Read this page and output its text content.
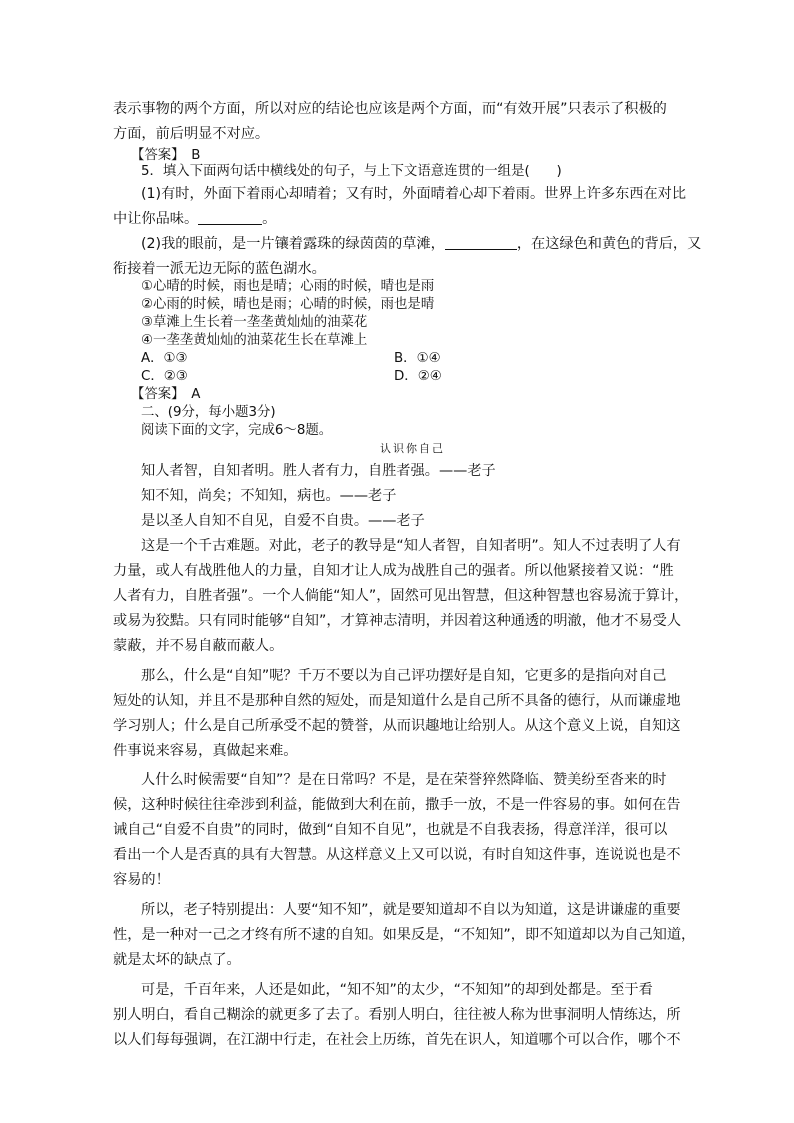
表示事物的两个方面，所以对应的结论也应该是两个方面，而“有效开展”只表示了积极的

方面，前后明显不对应。

【答案】　B

5．填入下面两句话中横线处的句子，与上下文语意连贯的一组是(　　)

(1)有时，外面下着雨心却晴着；又有时，外面晴着心却下着雨。世界上许多东西在对比

中让你品味。	。

(2)我的眼前，是一片镶着露珠的绿茵茵的草滩，	，在这绿色和黄色的背后，又

衔接着一派无边无际的蓝色湖水。

①心晴的时候，雨也是晴；心雨的时候，晴也是雨

②心雨的时候，晴也是雨；心晴的时候，雨也是晴

③草滩上生长着一垄垄黄灿灿的油菜花

④一垄垄黄灿灿的油菜花生长在草滩上

A．①③	B．①④
C．②③	D．②④

【答案】　A

二、(9分，每小题3分)

阅读下面的文字，完成6～8题。

认识你自己

知人者智，自知者明。胜人者有力，自胜者强。——老子

知不知，尚矣；不知知，病也。——老子

是以圣人自知不自见，自爱不自贵。——老子

这是一个千古难题。对此，老子的教导是“知人者智，自知者明”。知人不过表明了人有

力量，或人有战胜他人的力量，自知才让人成为战胜自己的强者。所以他紧接着又说：“胜

人者有力，自胜者强”。一个人倘能“知人”，固然可见出智慧，但这种智慧也容易流于算计，

或易为狡黠。只有同时能够“自知”，才算神志清明，并因着这种通透的明澈，他才不易受人

蒙蔽，并不易自蔽而蔽人。

那么，什么是“自知”呢？千万不要以为自己评功摆好是自知，它更多的是指向对自己

短处的认知，并且不是那种自然的短处，而是知道什么是自己所不具备的德行，从而谦虚地

学习别人；什么是自己所承受不起的赞誉，从而识趣地让给别人。从这个意义上说，自知这

件事说来容易，真做起来难。

人什么时候需要“自知”？是在日常吗？不是，是在荣誉猝然降临、赞美纷至沓来的时

候，这种时候往往牵涉到利益，能做到大利在前，撒手一放，不是一件容易的事。如何在告

诫自己“自爱不自贵”的同时，做到“自知不自见”，也就是不自我表扬，得意洋洋，很可以

看出一个人是否真的具有大智慧。从这样意义上又可以说，有时自知这件事，连说说也是不

容易的！

所以，老子特别提出：人要“知不知”，就是要知道却不自以为知道，这是讲谦虚的重要

性，是一种对一己之才终有所不逮的自知。如果反是，“不知知”，即不知道却以为自己知道，

就是太坏的缺点了。

可是，千百年来，人还是如此，“知不知”的太少，“不知知”的却到处都是。至于看

别人明白，看自己糊涂的就更多了去了。看别人明白，往往被人称为世事洞明人情练达，所

以人们每每强调，在江湖中行走，在社会上历练，首先在识人，知道哪个可以合作，哪个不
